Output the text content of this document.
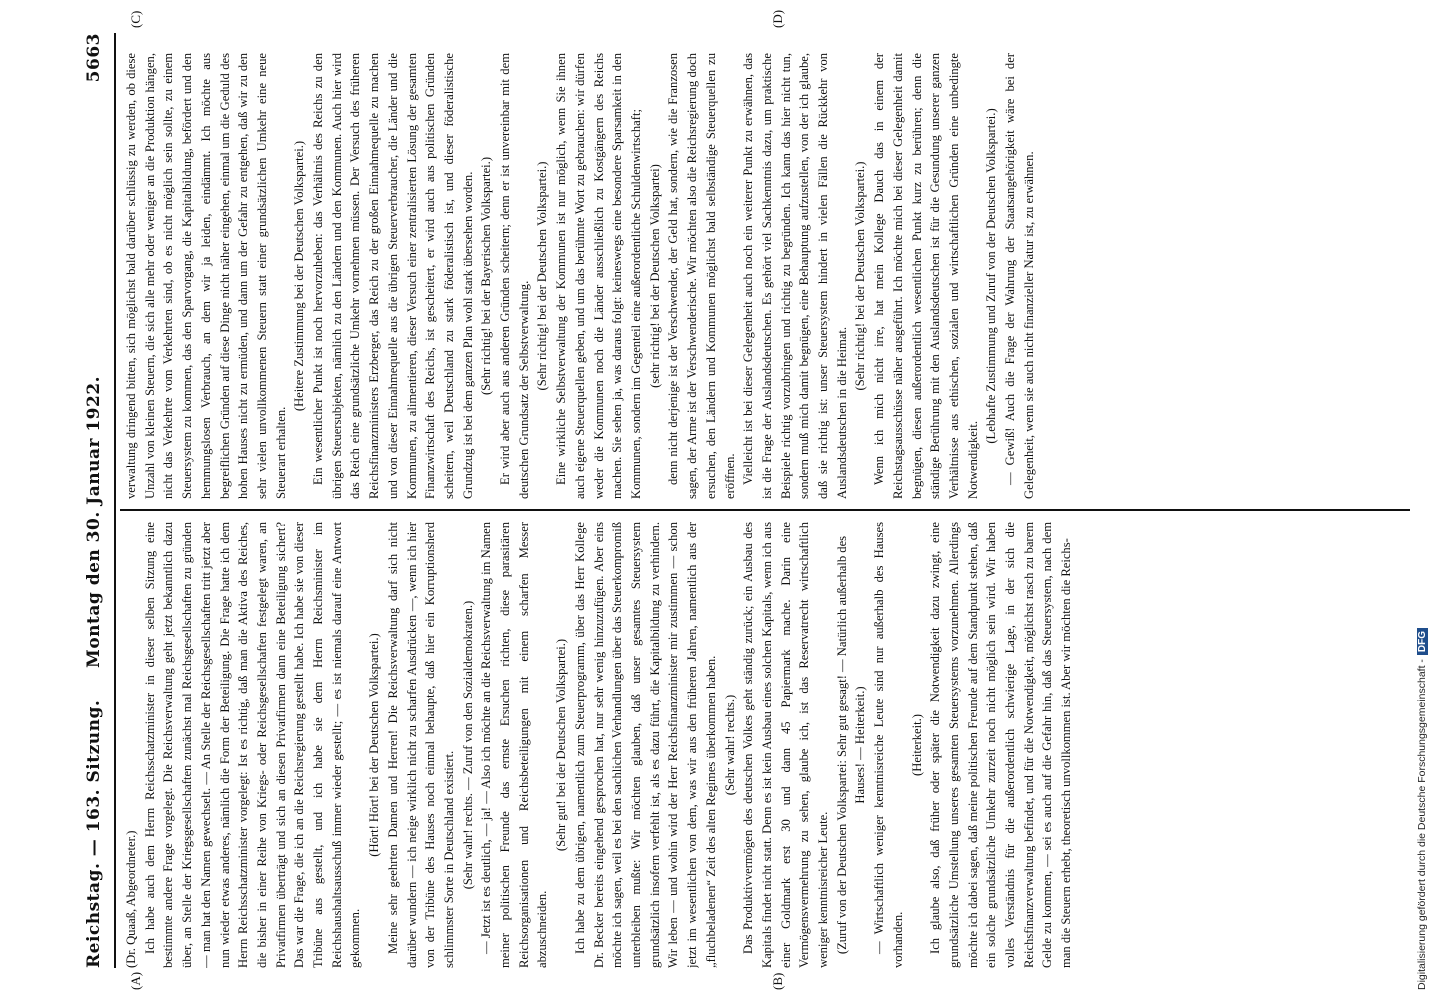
Reichstag. — 163. Sitzung.
Montag den 30. Januar 1922.
5663
(A)	(B)
(C)	(D)

(Dr. Quaaß, Abgeordneter.) Ich habe auch dem Herrn Reichsschatzminister in dieser selben Sitzung eine bestimmte andere Frage vorgelegt. Die Reichsverwaltung geht jetzt bekanntlich dazu über, an Stelle der Kriegsgesellschaften zunächst mal Reichsgesellschaften zu gründen — man hat den Namen gewechselt. — An Stelle der Reichsgesellschaften tritt jetzt aber nun wieder etwas anderes, nämlich die Form der Beteiligung. Die Frage hatte ich dem Herrn Reichsschatzminister vorgelegt: Ist es richtig, daß man die Aktiva des Reiches, die bisher in einer Reihe von Kriegs- oder Reichsgesellschaften festgelegt waren, an Privatfirmen überträgt und sich an diesen Privatfirmen dann eine Beteiligung sichert? Das war die Frage, die ich an die Reichsregierung gestellt habe. Ich habe sie von dieser Tribüne aus gestellt, und ich habe sie dem Herrn Reichsminister im Reichshaushaltsausschuß immer wieder gestellt; — es ist niemals darauf eine Antwort gekommen.

(Hört! Hört! bei der Deutschen Volkspartei.) Meine sehr geehrten Damen und Herren! Die Reichsverwaltung darf sich nicht darüber wundern — ich neige wirklich nicht zu scharfen Ausdrücken —, wenn ich hier von der Tribüne des Hauses noch einmal behaupte, daß hier ein Korruptionsherd schlimmster Sorte in Deutschland existiert. (Sehr wahr! rechts. — Zuruf von den Sozialdemokraten.) — Jetzt ist es deutlich, — ja! — Also ich möchte an die Reichsverwaltung im Namen meiner politischen Freunde das ernste Ersuchen richten, diese parasitären Reichsorganisationen und Reichsbeteiligungen mit einem scharfen Messer abzuschneiden.

(Sehr gut! bei der Deutschen Volkspartei.) Ich habe zu dem übrigen, namentlich zum Steuerprogramm, über das Herr Kollege Dr. Becker bereits eingehend gesprochen hat, nur sehr wenig hinzuzufügen. Aber eins möchte ich sagen, weil es bei den sachlichen Verhandlungen über das Steuerkompromiß unterbleiben mußte: Wir möchten glauben, daß unser gesamtes Steuersystem grundsätzlich insofern verfehlt ist, als es dazu führt, die Kapitalbildung zu verhindern. Wir leben — und wohin wird der Herr Reichsfinanzminister mir zustimmen — schon jetzt im wesentlichen von dem, was wir aus den früheren Jahren, namentlich aus der „fluchbeladenen“ Zeit des alten Regimes überkommen haben. (Sehr wahr! rechts.) Das Produktivvermögen des deutschen Volkes geht ständig zurück; ein Ausbau des Kapitals findet nicht statt. Denn es ist kein Ausbau eines solchen Kapitals, wenn ich aus einer Goldmark erst 30 und dann 45 Papiermark mache. Darin eine Vermögensvermehrung zu sehen, glaube ich, ist das Reservatrecht wirtschaftlich weniger kenntnisreicher Leute. (Zuruf von der Deutschen Volkspartei: Sehr gut gesagt! — Natürlich außerhalb des Hauses! — Heiterkeit.) — Wirtschaftlich weniger kenntnisreiche Leute sind nur außerhalb des Hauses vorhanden.

(Heiterkeit.) Ich glaube also, daß früher oder später die Notwendigkeit dazu zwingt, eine grundsätzliche Umstellung unseres gesamten Steuersystems vorzunehmen. Allerdings möchte ich dabei sagen, daß meine politischen Freunde auf dem Standpunkt stehen, daß ein solche grundsätzliche Umkehr zurzeit noch nicht möglich sein wird. Wir haben volles Verständnis für die außerordentlich schwierige Lage, in der sich die Reichsfinanzverwaltung befindet, und für die Notwendigkeit, möglichst rasch zu barem Gelde zu kommen, — sei es auch auf die Gefahr hin, daß das Steuersystem, nach dem man die Steuern erhebt, theoretisch unvollkommen ist. Aber wir möchten die Reichs-

verwaltung dringend bitten, sich möglichst bald darüber schlüssig zu werden, ob diese Unzahl von kleinen Steuern, die sich alle mehr oder weniger an die Produktion hängen, nicht das Verkehrte vom Verkehrten sind, ob es nicht möglich sein sollte, zu einem Steuersystem zu kommen, das den Sparvorgang, die Kapitalbildung, befördert und den hemmungslosen Verbrauch, an dem wir ja leiden, eindämmt. Ich möchte aus begreiflichen Gründen auf diese Dinge nicht näher eingehen, einmal um die Geduld des hohen Hauses nicht zu ermüden, und dann um der Gefahr zu entgehen, daß wir zu den sehr vielen unvollkommenen Steuern statt einer grundsätzlichen Umkehr eine neue Steuerart erhalten.

(Heitere Zustimmung bei der Deutschen Volkspartei.) Ein wesentlicher Punkt ist noch hervorzuheben: das Verhältnis des Reichs zu den übrigen Steuersubjekten, nämlich zu den Ländern und den Kommunen. Auch hier wird das Reich eine grundsätzliche Umkehr vornehmen müssen. Der Versuch des früheren Reichsfinanzministers Erzberger, das Reich zu der großen Einnahmequelle zu machen und von dieser Einnahmequelle aus die übrigen Steuerverbraucher, die Länder und die Kommunen, zu alimentieren, dieser Versuch einer zentralisierten Lösung der gesamten Finanzwirtschaft des Reichs, ist gescheitert, er wird auch aus politischen Gründen scheitern, weil Deutschland zu stark föderalistisch ist, und dieser föderalistische Grundzug ist bei dem ganzen Plan wohl stark übersehen worden. (Sehr richtig! bei der Bayerischen Volkspartei.) Er wird aber auch aus anderen Gründen scheitern; denn er ist unvereinbar mit dem deutschen Grundsatz der Selbstverwaltung. (Sehr richtig! bei der Deutschen Volkspartei.) Eine wirkliche Selbstverwaltung der Kommunen ist nur möglich, wenn Sie ihnen auch eigene Steuerquellen geben, und um das berühmte Wort zu gebrauchen: wir dürfen weder die Kommunen noch die Länder ausschließlich zu Kostgängern des Reichs machen. Sie sehen ja, was daraus folgt: keineswegs eine besondere Sparsamkeit in den Kommunen, sondern im Gegenteil eine außerordentliche Schuldenwirtschaft; (sehr richtig! bei der Deutschen Volkspartei) denn nicht derjenige ist der Verschwender, der Geld hat, sondern, wie die Franzosen sagen, der Arme ist der Verschwenderische. Wir möchten also die Reichsregierung doch ersuchen, den Ländern und Kommunen möglichst bald selbständige Steuerquellen zu eröffnen. Vielleicht ist bei dieser Gelegenheit auch noch ein weiterer Punkt zu erwähnen, das ist die Frage der Auslandsdeutschen. Es gehört viel Sachkenntnis dazu, um praktische Beispiele richtig vorzubringen und richtig zu begründen. Ich kann das hier nicht tun, sondern muß mich damit begnügen, eine Behauptung aufzustellen, von der ich glaube, daß sie richtig ist: unser Steuersystem hindert in vielen Fällen die Rückkehr von Auslandsdeutschen in die Heimat.

(Sehr richtig! bei der Deutschen Volkspartei.) Wenn ich mich nicht irre, hat mein Kollege Dauch das in einem der Reichstagsausschüsse näher ausgeführt. Ich möchte mich bei dieser Gelegenheit damit begnügen, diesen außerordentlich wesentlichen Punkt kurz zu berühren; denn die ständige Berührung mit den Auslandsdeutschen ist für die Gesundung unserer ganzen Verhältnisse aus ethischen, sozialen und wirtschaftlichen Gründen eine unbedingte Notwendigkeit.

(Lebhafte Zustimmung und Zuruf von der Deutschen Volkspartei.) — Gewiß! Auch die Frage der Wahrung der Staatsangehörigkeit wäre bei der Gelegenheit, wenn sie auch nicht finanzieller Natur ist, zu erwähnen.

Digitalisierung gefördert durch die Deutsche Forschungsgemeinschaft -DFG
